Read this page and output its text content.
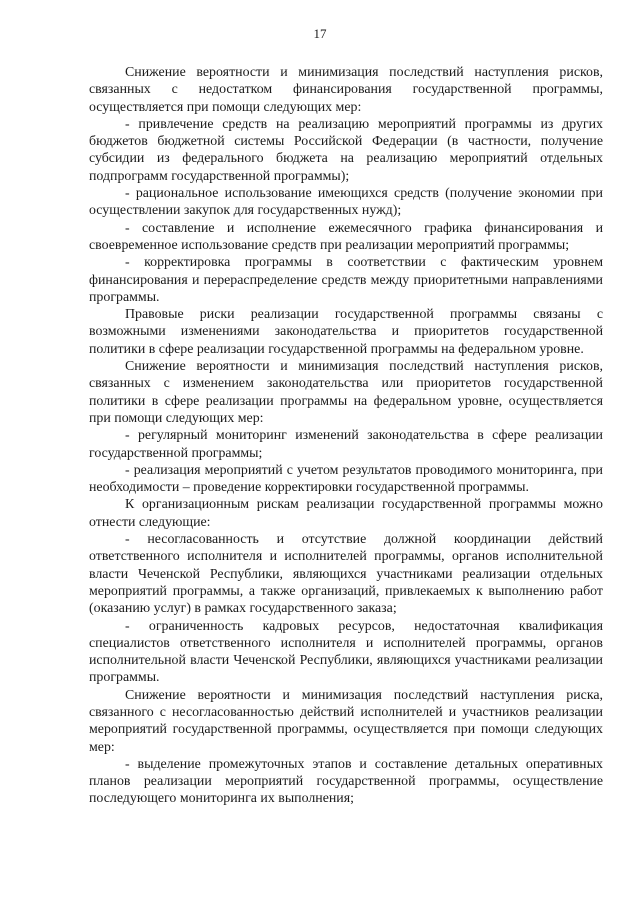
17

Снижение вероятности и минимизация последствий наступления рисков, связанных с недостатком финансирования государственной программы, осуществляется при помощи следующих мер:

- привлечение средств на реализацию мероприятий программы из других бюджетов бюджетной системы Российской Федерации (в частности, получение субсидии из федерального бюджета на реализацию мероприятий отдельных подпрограмм государственной программы);

- рациональное использование имеющихся средств (получение экономии при осуществлении закупок для государственных нужд);

- составление и исполнение ежемесячного графика финансирования и своевременное использование средств при реализации мероприятий программы;

- корректировка программы в соответствии с фактическим уровнем финансирования и перераспределение средств между приоритетными направлениями программы.

Правовые риски реализации государственной программы связаны с возможными изменениями законодательства и приоритетов государственной политики в сфере реализации государственной программы на федеральном уровне.

Снижение вероятности и минимизация последствий наступления рисков, связанных с изменением законодательства или приоритетов государственной политики в сфере реализации программы на федеральном уровне, осуществляется при помощи следующих мер:

- регулярный мониторинг изменений законодательства в сфере реализации государственной программы;

- реализация мероприятий с учетом результатов проводимого мониторинга, при необходимости – проведение корректировки государственной программы.

К организационным рискам реализации государственной программы можно отнести следующие:

- несогласованность и отсутствие должной координации действий ответственного исполнителя и исполнителей программы, органов исполнительной власти Чеченской Республики, являющихся участниками реализации отдельных мероприятий программы, а также организаций, привлекаемых к выполнению работ (оказанию услуг) в рамках государственного заказа;

- ограниченность кадровых ресурсов, недостаточная квалификация специалистов ответственного исполнителя и исполнителей программы, органов исполнительной власти Чеченской Республики, являющихся участниками реализации программы.

Снижение вероятности и минимизация последствий наступления риска, связанного с несогласованностью действий исполнителей и участников реализации мероприятий государственной программы, осуществляется при помощи следующих мер:

- выделение промежуточных этапов и составление детальных оперативных планов реализации мероприятий государственной программы, осуществление последующего мониторинга их выполнения;
